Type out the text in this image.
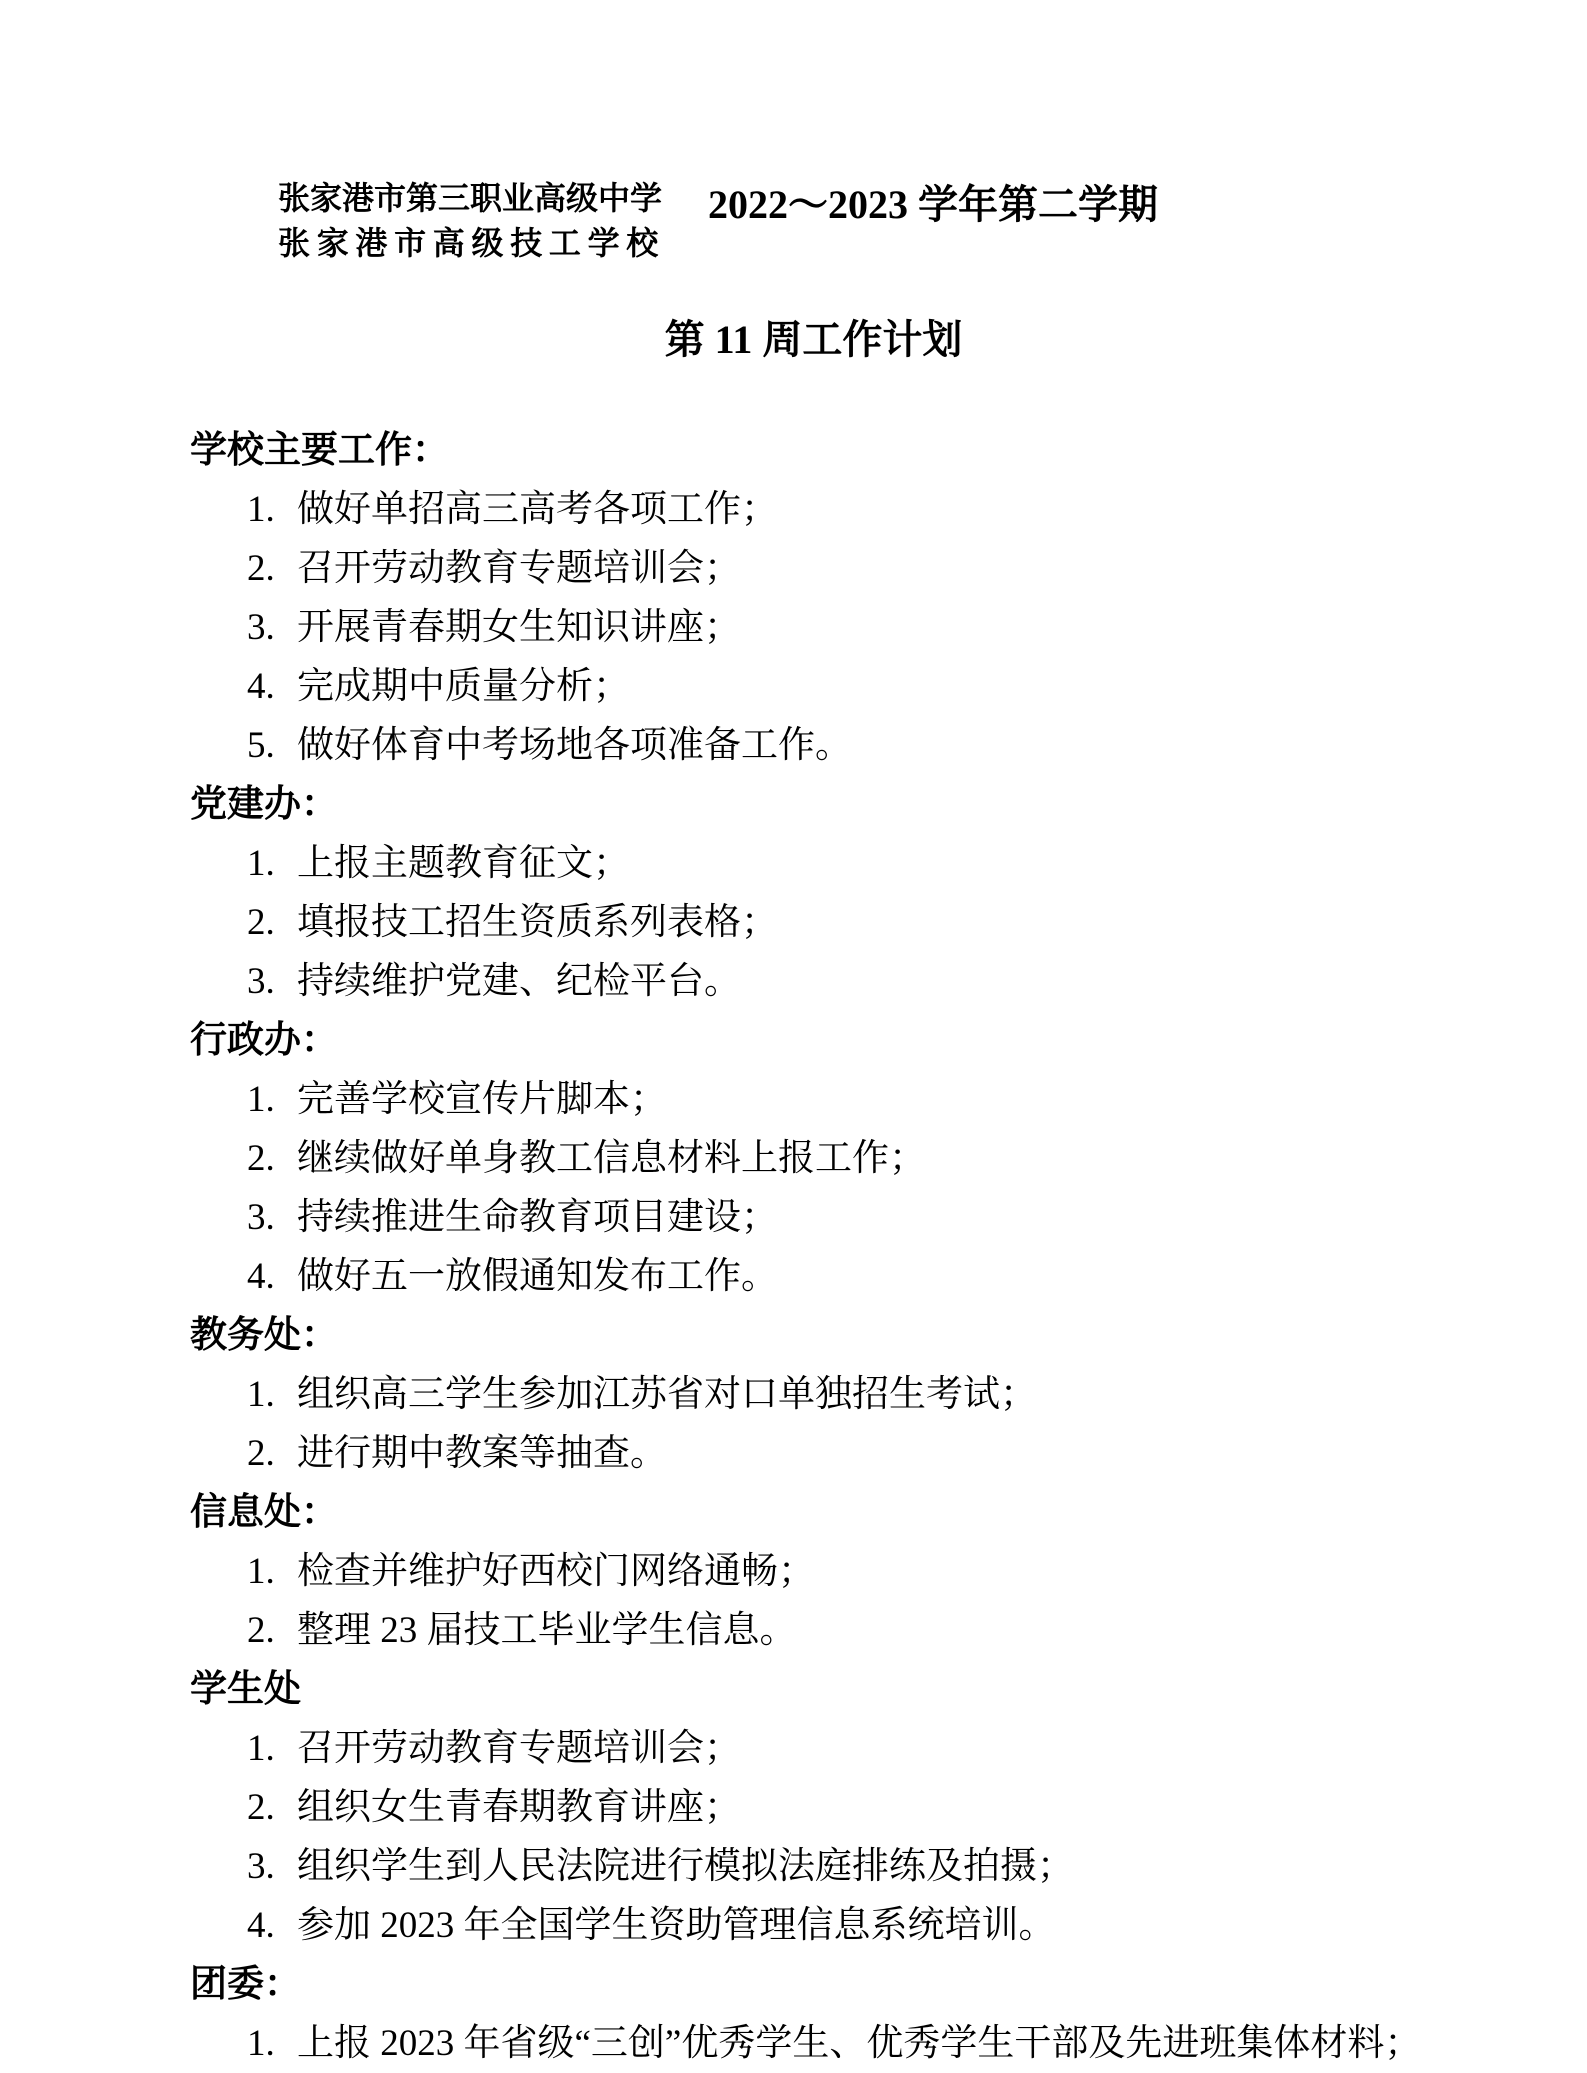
张家港市第三职业高级中学
张家港市高级技工学校
2022～2023 学年第二学期
第 11 周工作计划
学校主要工作：
1. 做好单招高三高考各项工作；
2. 召开劳动教育专题培训会；
3. 开展青春期女生知识讲座；
4. 完成期中质量分析；
5. 做好体育中考场地各项准备工作。
党建办：
1. 上报主题教育征文；
2. 填报技工招生资质系列表格；
3. 持续维护党建、纪检平台。
行政办：
1. 完善学校宣传片脚本；
2. 继续做好单身教工信息材料上报工作；
3. 持续推进生命教育项目建设；
4. 做好五一放假通知发布工作。
教务处：
1. 组织高三学生参加江苏省对口单独招生考试；
2. 进行期中教案等抽查。
信息处：
1. 检查并维护好西校门网络通畅；
2. 整理 23 届技工毕业学生信息。
学生处
1. 召开劳动教育专题培训会；
2. 组织女生青春期教育讲座；
3. 组织学生到人民法院进行模拟法庭排练及拍摄；
4. 参加 2023 年全国学生资助管理信息系统培训。
团委：
1. 上报 2023 年省级“三创”优秀学生、优秀学生干部及先进班集体材料；
